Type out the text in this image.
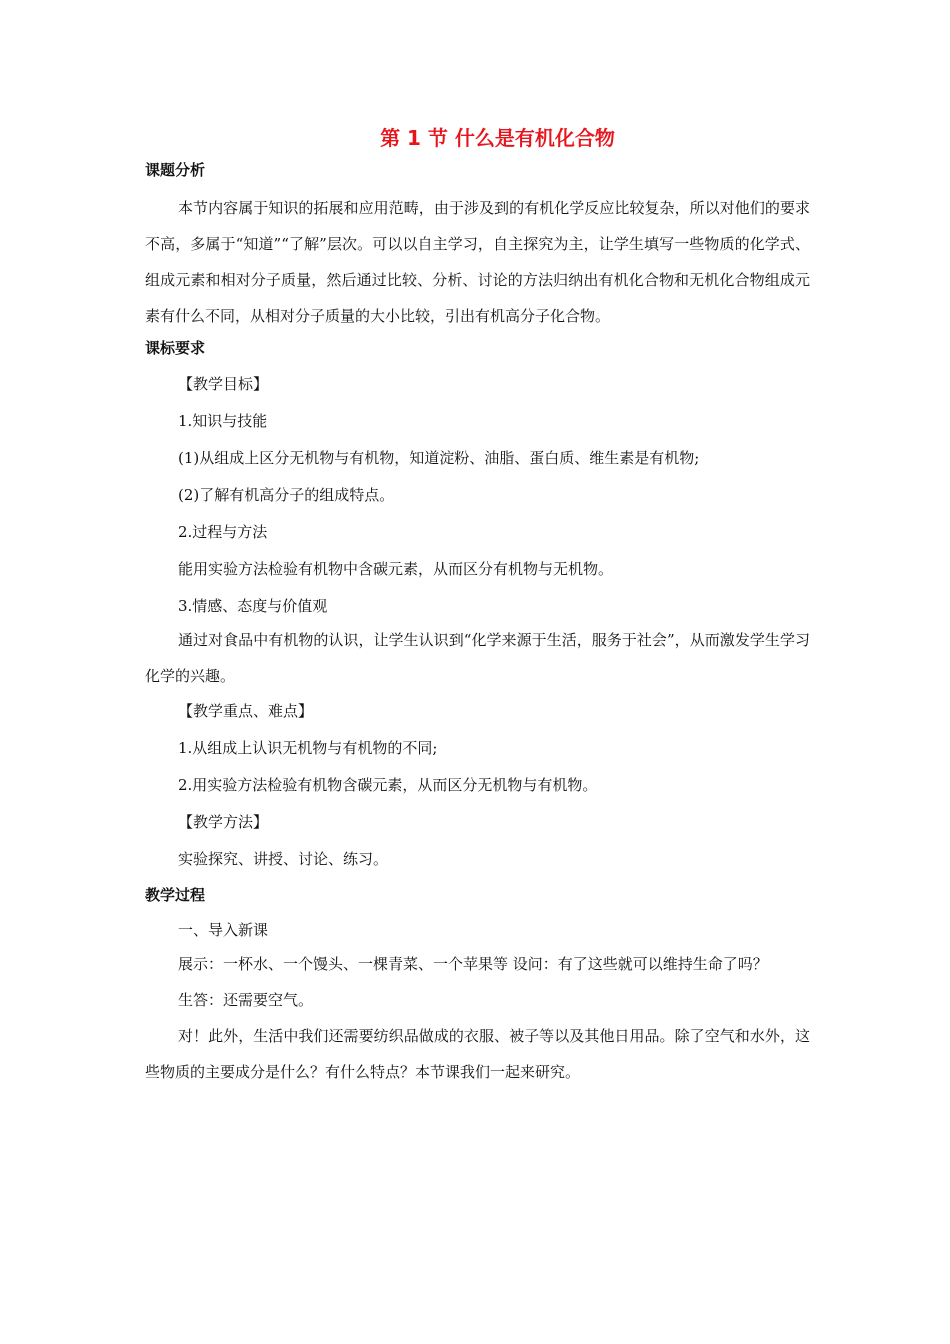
第 1 节 什么是有机化合物

课题分析

本节内容属于知识的拓展和应用范畴，由于涉及到的有机化学反应比较复杂，所以对他们的要求不高，多属于“知道”“了解”层次。可以以自主学习，自主探究为主，让学生填写一些物质的化学式、组成元素和相对分子质量，然后通过比较、分析、讨论的方法归纳出有机化合物和无机化合物组成元素有什么不同，从相对分子质量的大小比较，引出有机高分子化合物。

课标要求

【教学目标】

1.知识与技能

(1)从组成上区分无机物与有机物，知道淀粉、油脂、蛋白质、维生素是有机物;

(2)了解有机高分子的组成特点。

2.过程与方法

能用实验方法检验有机物中含碳元素，从而区分有机物与无机物。

3.情感、态度与价值观

通过对食品中有机物的认识，让学生认识到“化学来源于生活，服务于社会”，从而激发学生学习化学的兴趣。

【教学重点、难点】

1.从组成上认识无机物与有机物的不同;

2.用实验方法检验有机物含碳元素，从而区分无机物与有机物。

【教学方法】

实验探究、讲授、讨论、练习。

教学过程

一、导入新课

展示：一杯水、一个馒头、一棵青菜、一个苹果等 设问：有了这些就可以维持生命了吗？

生答：还需要空气。

对！此外，生活中我们还需要纺织品做成的衣服、被子等以及其他日用品。除了空气和水外，这些物质的主要成分是什么？有什么特点？本节课我们一起来研究。
